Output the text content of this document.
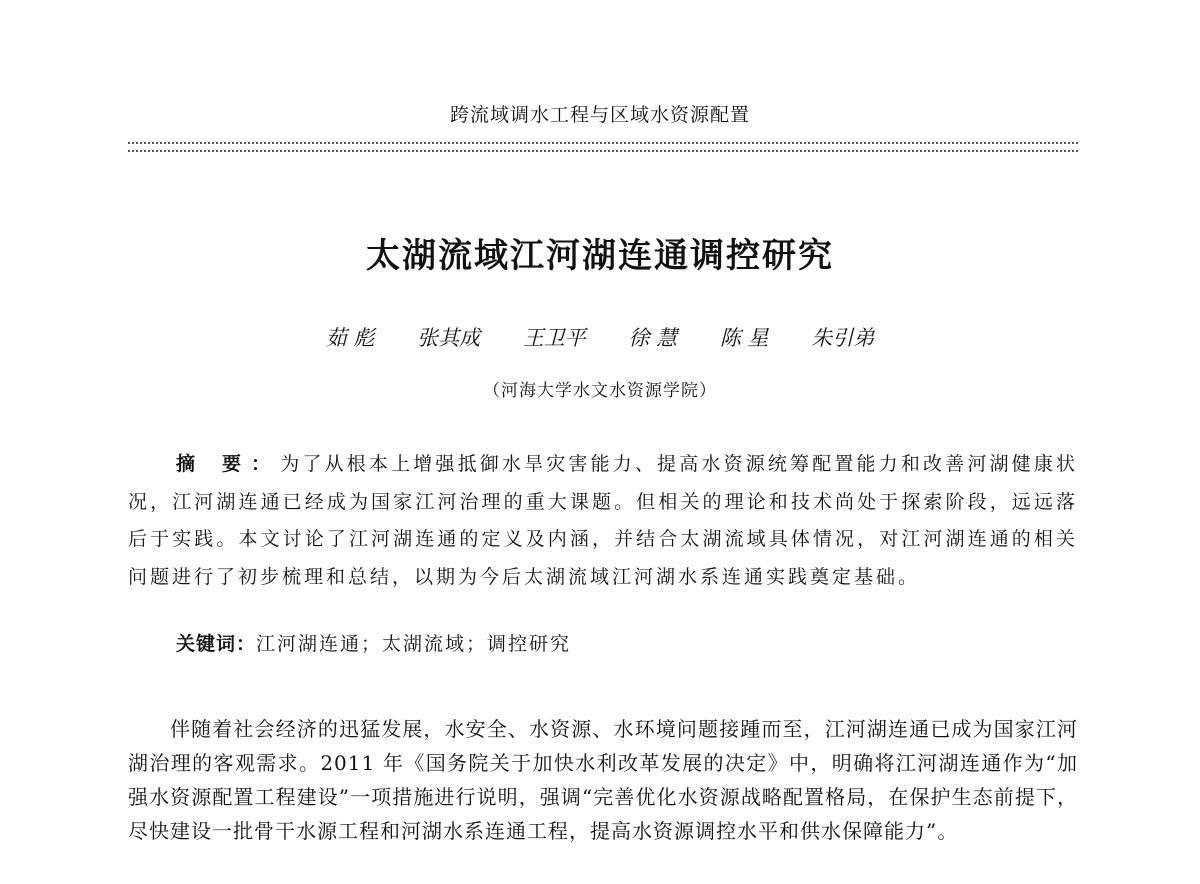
跨流域调水工程与区域水资源配置
太湖流域江河湖连通调控研究
茹 彪 张其成 王卫平 徐 慧 陈 星 朱引弟
（河海大学水文水资源学院）

摘 要：为了从根本上增强抵御水旱灾害能力、提高水资源统筹配置能力和改善河湖健康状况，江河湖连通已经成为国家江河治理的重大课题。但相关的理论和技术尚处于探索阶段，远远落后于实践。本文讨论了江河湖连通的定义及内涵，并结合太湖流域具体情况，对江河湖连通的相关问题进行了初步梳理和总结，以期为今后太湖流域江河湖水系连通实践奠定基础。

关键词：江河湖连通；太湖流域；调控研究

伴随着社会经济的迅猛发展，水安全、水资源、水环境问题接踵而至，江河湖连通已成为国家江河湖治理的客观需求。2011 年《国务院关于加快水利改革发展的决定》中，明确将江河湖连通作为“加强水资源配置工程建设”一项措施进行说明，强调“完善优化水资源战略配置格局，在保护生态前提下，尽快建设一批骨干水源工程和河湖水系连通工程，提高水资源调控水平和供水保障能力”。
